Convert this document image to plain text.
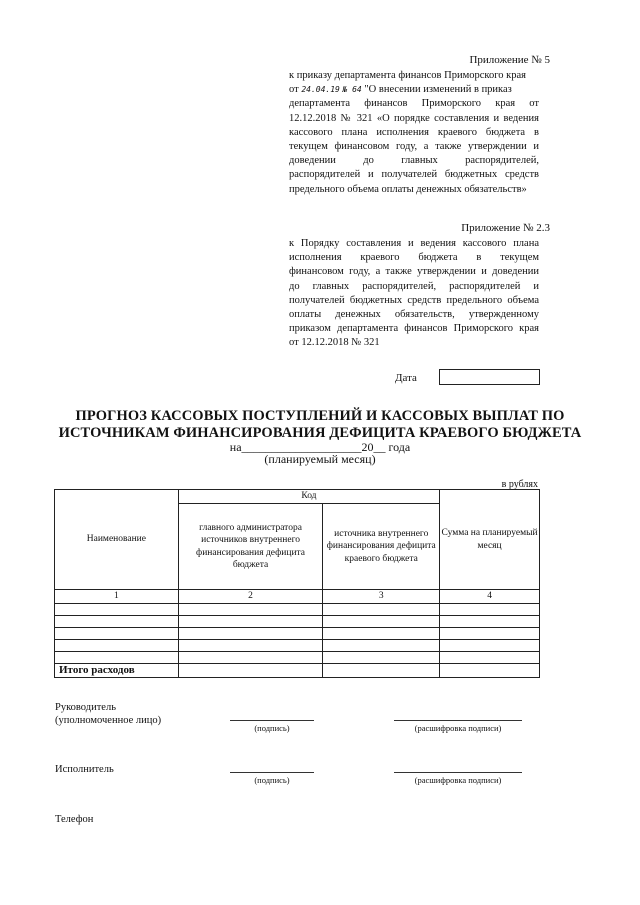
Приложение № 5
к приказу департамента финансов Приморского края
от 24.04.19 № 64 "О внесении изменений в приказ
департамента финансов Приморского края от
12.12.2018 № 321 «О порядке составления и ведения
кассового плана исполнения краевого бюджета в
текущем финансовом году, а также утверждении и
доведении до главных распорядителей,
распорядителей и получателей бюджетных средств
предельного объема оплаты денежных обязательств»
Приложение № 2.3
к Порядку составления и ведения кассового плана
исполнения краевого бюджета в текущем
финансовом году, а также утверждении и доведении
до главных распорядителей, распорядителей и
получателей бюджетных средств предельного объема
оплаты денежных обязательств, утвержденному
приказом департамента финансов Приморского края
от 12.12.2018 № 321
Дата
ПРОГНОЗ КАССОВЫХ ПОСТУПЛЕНИЙ И КАССОВЫХ ВЫПЛАТ ПО
ИСТОЧНИКАМ ФИНАНСИРОВАНИЯ ДЕФИЦИТА КРАЕВОГО БЮДЖЕТА
на____________________20__ года
(планируемый месяц)
в рублях
Наименование	Код		Сумма на планируемый месяц
	главного администратора источников внутреннего финансирования дефицита бюджета	источника внутреннего финансирования дефицита краевого бюджета	
1	2	3	4

Итого расходов			
Руководитель
(уполномоченное лицо)
(подпись)	(расшифровка подписи)
Исполнитель
(подпись)	(расшифровка подписи)
Телефон
